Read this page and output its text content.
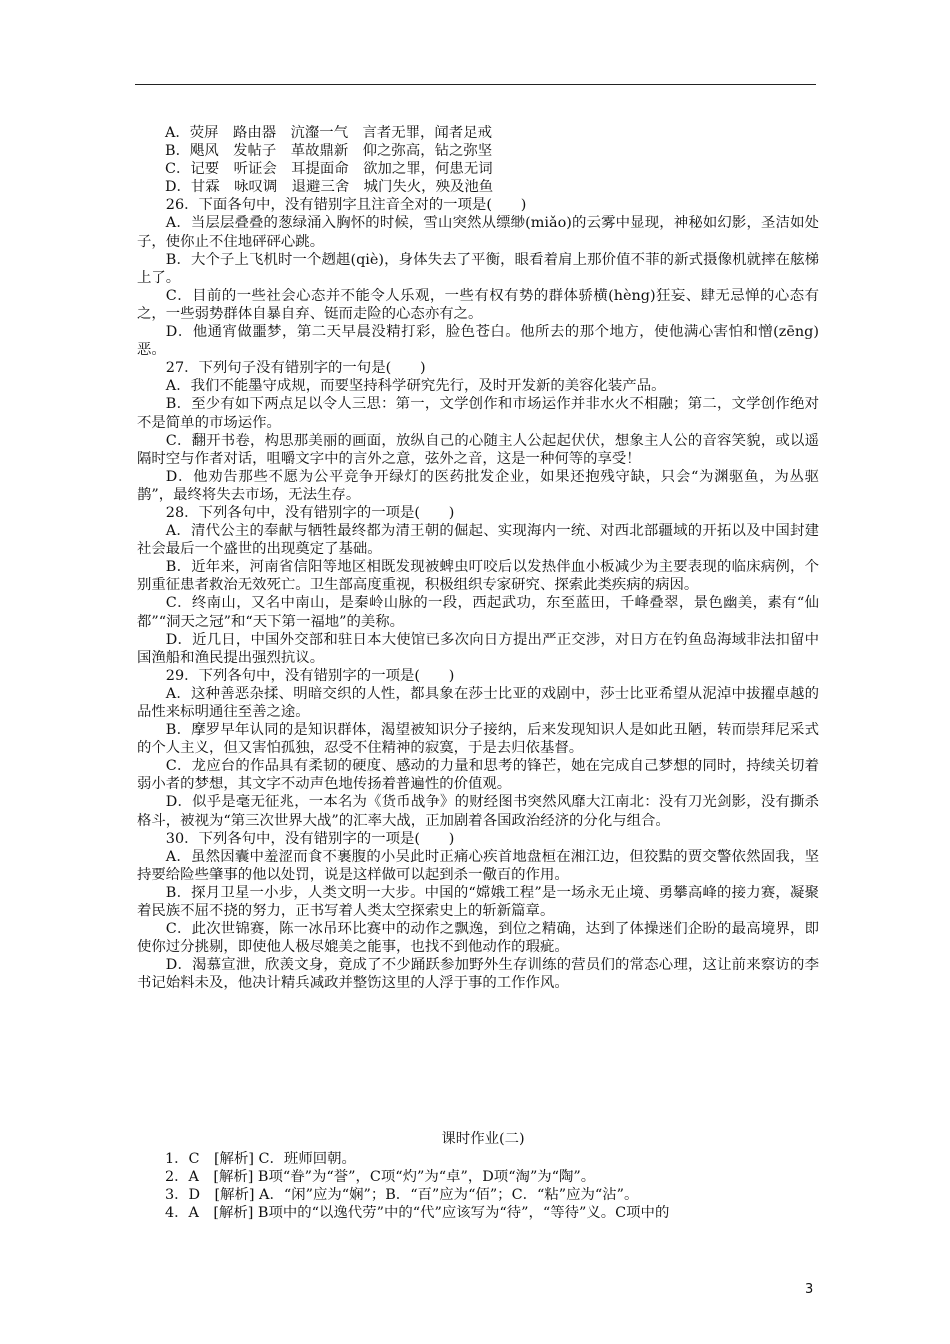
A．荧屏　路由器　沆瀣一气　言者无罪，闻者足戒
B．飓风　发帖子　革故鼎新　仰之弥高，钻之弥坚
C．记要　听证会　耳提面命　欲加之罪，何患无词
D．甘霖　咏叹调　退避三舍　城门失火，殃及池鱼

26．下面各句中，没有错别字且注音全对的一项是(　　)

A．当层层叠叠的葱绿涌入胸怀的时候，雪山突然从缥缈(miǎo)的云雾中显现，神秘如幻影，圣洁如处子，使你止不住地砰砰心跳。

B．大个子上飞机时一个趔趄(qiè)，身体失去了平衡，眼看着肩上那价值不菲的新式摄像机就摔在舷梯上了。

C．目前的一些社会心态并不能令人乐观，一些有权有势的群体骄横(hèng)狂妄、肆无忌惮的心态有之，一些弱势群体自暴自弃、铤而走险的心态亦有之。

D．他通宵做噩梦，第二天早晨没精打彩，脸色苍白。他所去的那个地方，使他满心害怕和憎(zēng)恶。

27．下列句子没有错别字的一句是(　　)

A．我们不能墨守成规，而要坚持科学研究先行，及时开发新的美容化装产品。

B．至少有如下两点足以令人三思：第一，文学创作和市场运作并非水火不相融；第二，文学创作绝对不是简单的市场运作。

C．翻开书卷，构思那美丽的画面，放纵自己的心随主人公起起伏伏，想象主人公的音容笑貌，或以遥隔时空与作者对话，咀嚼文字中的言外之意，弦外之音，这是一种何等的享受！

D．他劝告那些不愿为公平竞争开绿灯的医药批发企业，如果还抱残守缺，只会“为渊驱鱼，为丛驱鹊”，最终将失去市场，无法生存。

28．下列各句中，没有错别字的一项是(　　)

A．清代公主的奉献与牺牲最终都为清王朝的倔起、实现海内一统、对西北部疆域的开拓以及中国封建社会最后一个盛世的出现奠定了基础。

B．近年来，河南省信阳等地区相既发现被蜱虫叮咬后以发热伴血小板减少为主要表现的临床病例，个别重征患者救治无效死亡。卫生部高度重视，积极组织专家研究、探索此类疾病的病因。

C．终南山，又名中南山，是秦岭山脉的一段，西起武功，东至蓝田，千峰叠翠，景色幽美，素有“仙都”“洞天之冠”和“天下第一福地”的美称。

D．近几日，中国外交部和驻日本大使馆已多次向日方提出严正交涉，对日方在钓鱼岛海域非法扣留中国渔船和渔民提出强烈抗议。

29．下列各句中，没有错别字的一项是(　　)

A．这种善恶杂揉、明暗交织的人性，都具象在莎士比亚的戏剧中，莎士比亚希望从泥淖中拔擢卓越的品性来标明通往至善之途。

B．摩罗早年认同的是知识群体，渴望被知识分子接纳，后来发现知识人是如此丑陋，转而崇拜尼采式的个人主义，但又害怕孤独，忍受不住精神的寂寞，于是去归依基督。

C．龙应台的作品具有柔韧的硬度、感动的力量和思考的锋芒，她在完成自己梦想的同时，持续关切着弱小者的梦想，其文字不动声色地传扬着普遍性的价值观。

D．似乎是毫无征兆，一本名为《货币战争》的财经图书突然风靡大江南北：没有刀光剑影，没有撕杀格斗，被视为“第三次世界大战”的汇率大战，正加剧着各国政治经济的分化与组合。

30．下列各句中，没有错别字的一项是(　　)

A．虽然因囊中羞涩而食不裹腹的小吴此时正痛心疾首地盘桓在湘江边，但狡黠的贾交警依然固我，坚持要给险些肇事的他以处罚，说是这样做可以起到杀一儆百的作用。

B．探月卫星一小步，人类文明一大步。中国的“嫦娥工程”是一场永无止境、勇攀高峰的接力赛，凝聚着民族不屈不挠的努力，正书写着人类太空探索史上的斩新篇章。

C．此次世锦赛，陈一冰吊环比赛中的动作之飘逸，到位之精确，达到了体操迷们企盼的最高境界，即使你过分挑剔，即使他人极尽媲美之能事，也找不到他动作的瑕疵。

D．渴慕宣泄，欣羡文身，竟成了不少踊跃参加野外生存训练的营员们的常态心理，这让前来察访的李书记始料未及，他决计精兵减政并整饬这里的人浮于事的工作作风。

课时作业(二)
1．C　[解析] C．班师回朝。
2．A　[解析] B项“眷”为“誉”，C项“灼”为“卓”，D项“淘”为“陶”。
3．D　[解析] A．“闲”应为“娴”；B．“百”应为“佰”；C．“粘”应为“沾”。
4．A　[解析] B项中的“以逸代劳”中的“代”应该写为“待”，“等待”义。C项中的
3
